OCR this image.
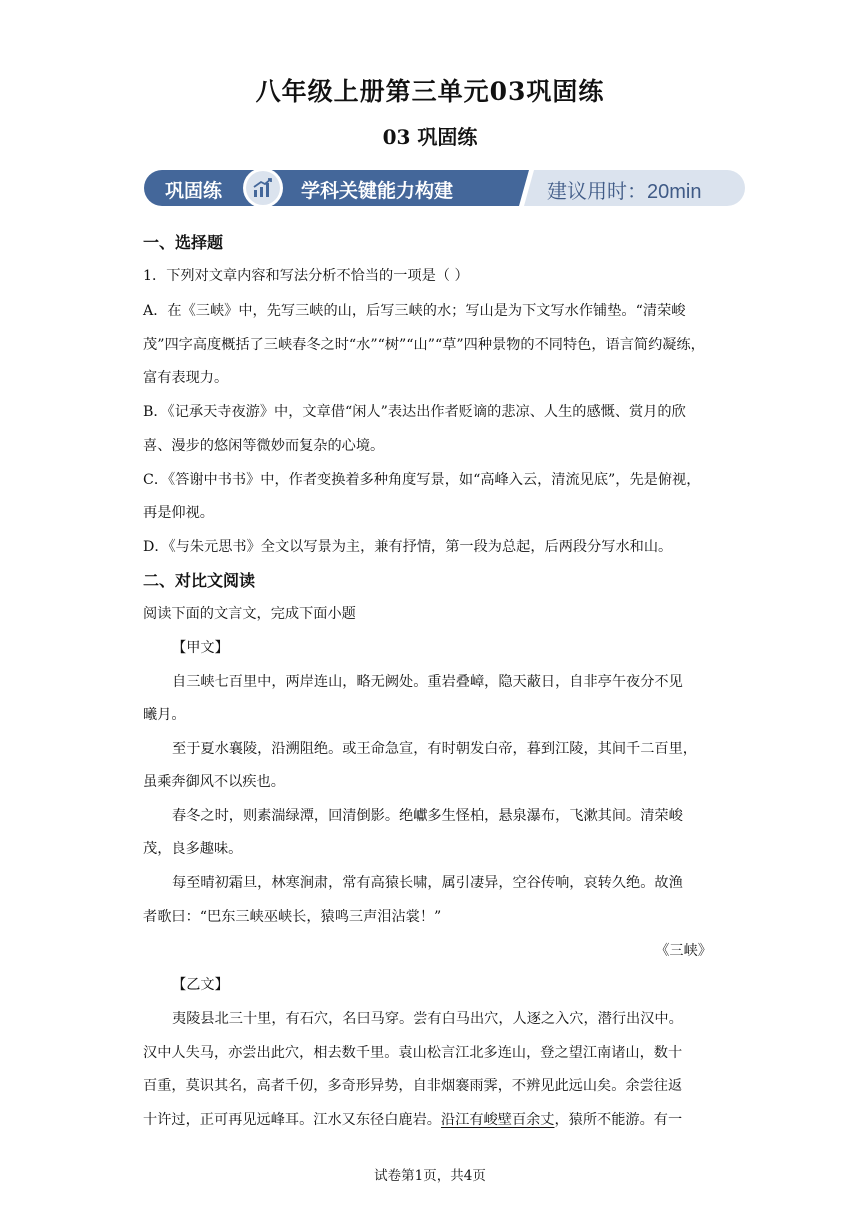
八年级上册第三单元03巩固练
03 巩固练
巩固练	学科关键能力构建	建议用时：20min
一、选择题
1．下列对文章内容和写法分析不恰当的一项是（ ）
A．在《三峡》中，先写三峡的山，后写三峡的水；写山是为下文写水作铺垫。“清荣峻
茂”四字高度概括了三峡春冬之时“水”“树”“山”“草”四种景物的不同特色，语言简约凝练，
富有表现力。
B．《记承天寺夜游》中，文章借“闲人”表达出作者贬谪的悲凉、人生的感慨、赏月的欣
喜、漫步的悠闲等微妙而复杂的心境。
C．《答谢中书书》中，作者变换着多种角度写景，如“高峰入云，清流见底”，先是俯视，
再是仰视。
D．《与朱元思书》全文以写景为主，兼有抒情，第一段为总起，后两段分写水和山。
二、对比文阅读
阅读下面的文言文，完成下面小题
【甲文】
自三峡七百里中，两岸连山，略无阙处。重岩叠嶂，隐天蔽日，自非亭午夜分不见
曦月。
至于夏水襄陵，沿溯阻绝。或王命急宣，有时朝发白帝，暮到江陵，其间千二百里，
虽乘奔御风不以疾也。
春冬之时，则素湍绿潭，回清倒影。绝巘多生怪柏，悬泉瀑布，飞漱其间。清荣峻
茂，良多趣味。
每至晴初霜旦，林寒涧肃，常有高猿长啸，属引凄异，空谷传响，哀转久绝。故渔
者歌曰：“巴东三峡巫峡长，猿鸣三声泪沾裳！”
《三峡》
【乙文】
夷陵县北三十里，有石穴，名曰马穿。尝有白马出穴，人逐之入穴，潜行出汉中。
汉中人失马，亦尝出此穴，相去数千里。袁山松言江北多连山，登之望江南诸山，数十
百重，莫识其名，高者千仞，多奇形异势，自非烟褰雨霁，不辨见此远山矣。余尝往返
十许过，正可再见远峰耳。江水又东径白鹿岩。沿江有峻壁百余丈，猿所不能游。有一
试卷第1页，共4页
